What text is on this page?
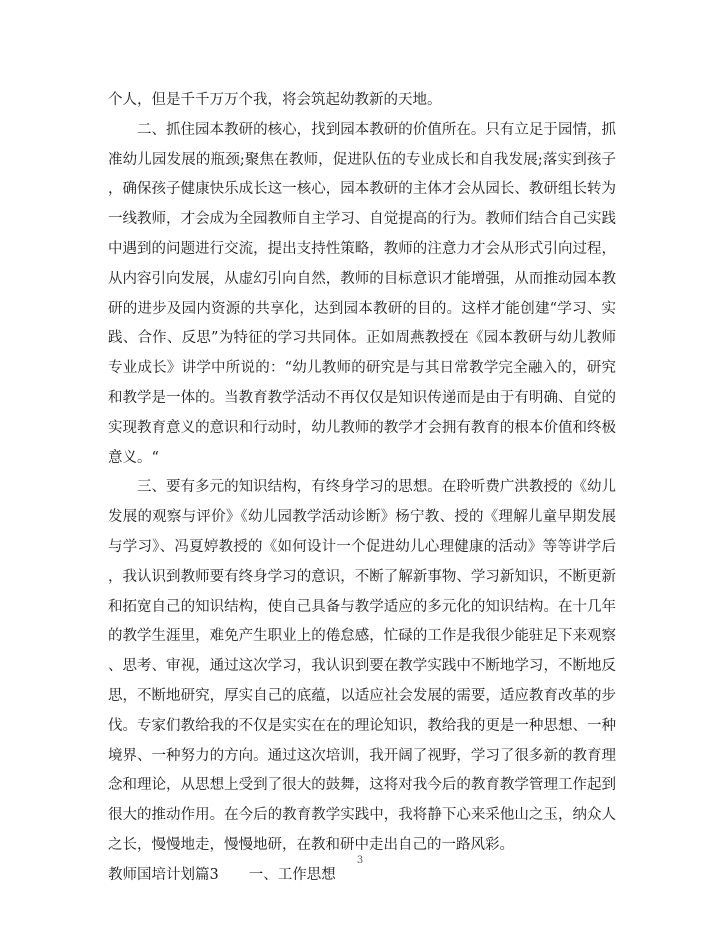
个人，但是千千万万个我，将会筑起幼教新的天地。
二、抓住园本教研的核心，找到园本教研的价值所在。只有立足于园情，抓
准幼儿园发展的瓶颈;聚焦在教师，促进队伍的专业成长和自我发展;落实到孩子
，确保孩子健康快乐成长这一核心，园本教研的主体才会从园长、教研组长转为
一线教师，才会成为全园教师自主学习、自觉提高的行为。教师们结合自己实践
中遇到的问题进行交流，提出支持性策略，教师的注意力才会从形式引向过程，
从内容引向发展，从虚幻引向自然，教师的目标意识才能增强，从而推动园本教
研的进步及园内资源的共享化，达到园本教研的目的。这样才能创建“学习、实
践、合作、反思”为特征的学习共同体。正如周燕教授在《园本教研与幼儿教师
专业成长》讲学中所说的：“幼儿教师的研究是与其日常教学完全融入的，研究
和教学是一体的。当教育教学活动不再仅仅是知识传递而是由于有明确、自觉的
实现教育意义的意识和行动时，幼儿教师的教学才会拥有教育的根本价值和终极
意义。“
三、要有多元的知识结构，有终身学习的思想。在聆听费广洪教授的《幼儿
发展的观察与评价》《幼儿园教学活动诊断》杨宁教、授的《理解儿童早期发展
与学习》、冯夏婷教授的《如何设计一个促进幼儿心理健康的活动》等等讲学后
，我认识到教师要有终身学习的意识，不断了解新事物、学习新知识，不断更新
和拓宽自己的知识结构，使自己具备与教学适应的多元化的知识结构。在十几年
的教学生涯里，难免产生职业上的倦怠感，忙碌的工作是我很少能驻足下来观察
、思考、审视，通过这次学习，我认识到要在教学实践中不断地学习，不断地反
思，不断地研究，厚实自己的底蕴，以适应社会发展的需要，适应教育改革的步
伐。专家们教给我的不仅是实实在在的理论知识，教给我的更是一种思想、一种
境界、一种努力的方向。通过这次培训，我开阔了视野，学习了很多新的教育理
念和理论，从思想上受到了很大的鼓舞，这将对我今后的教育教学管理工作起到
很大的推动作用。在今后的教育教学实践中，我将静下心来采他山之玉，纳众人
之长，慢慢地走，慢慢地研，在教和研中走出自己的一路风彩。
教师国培计划篇3 一、工作思想
3
